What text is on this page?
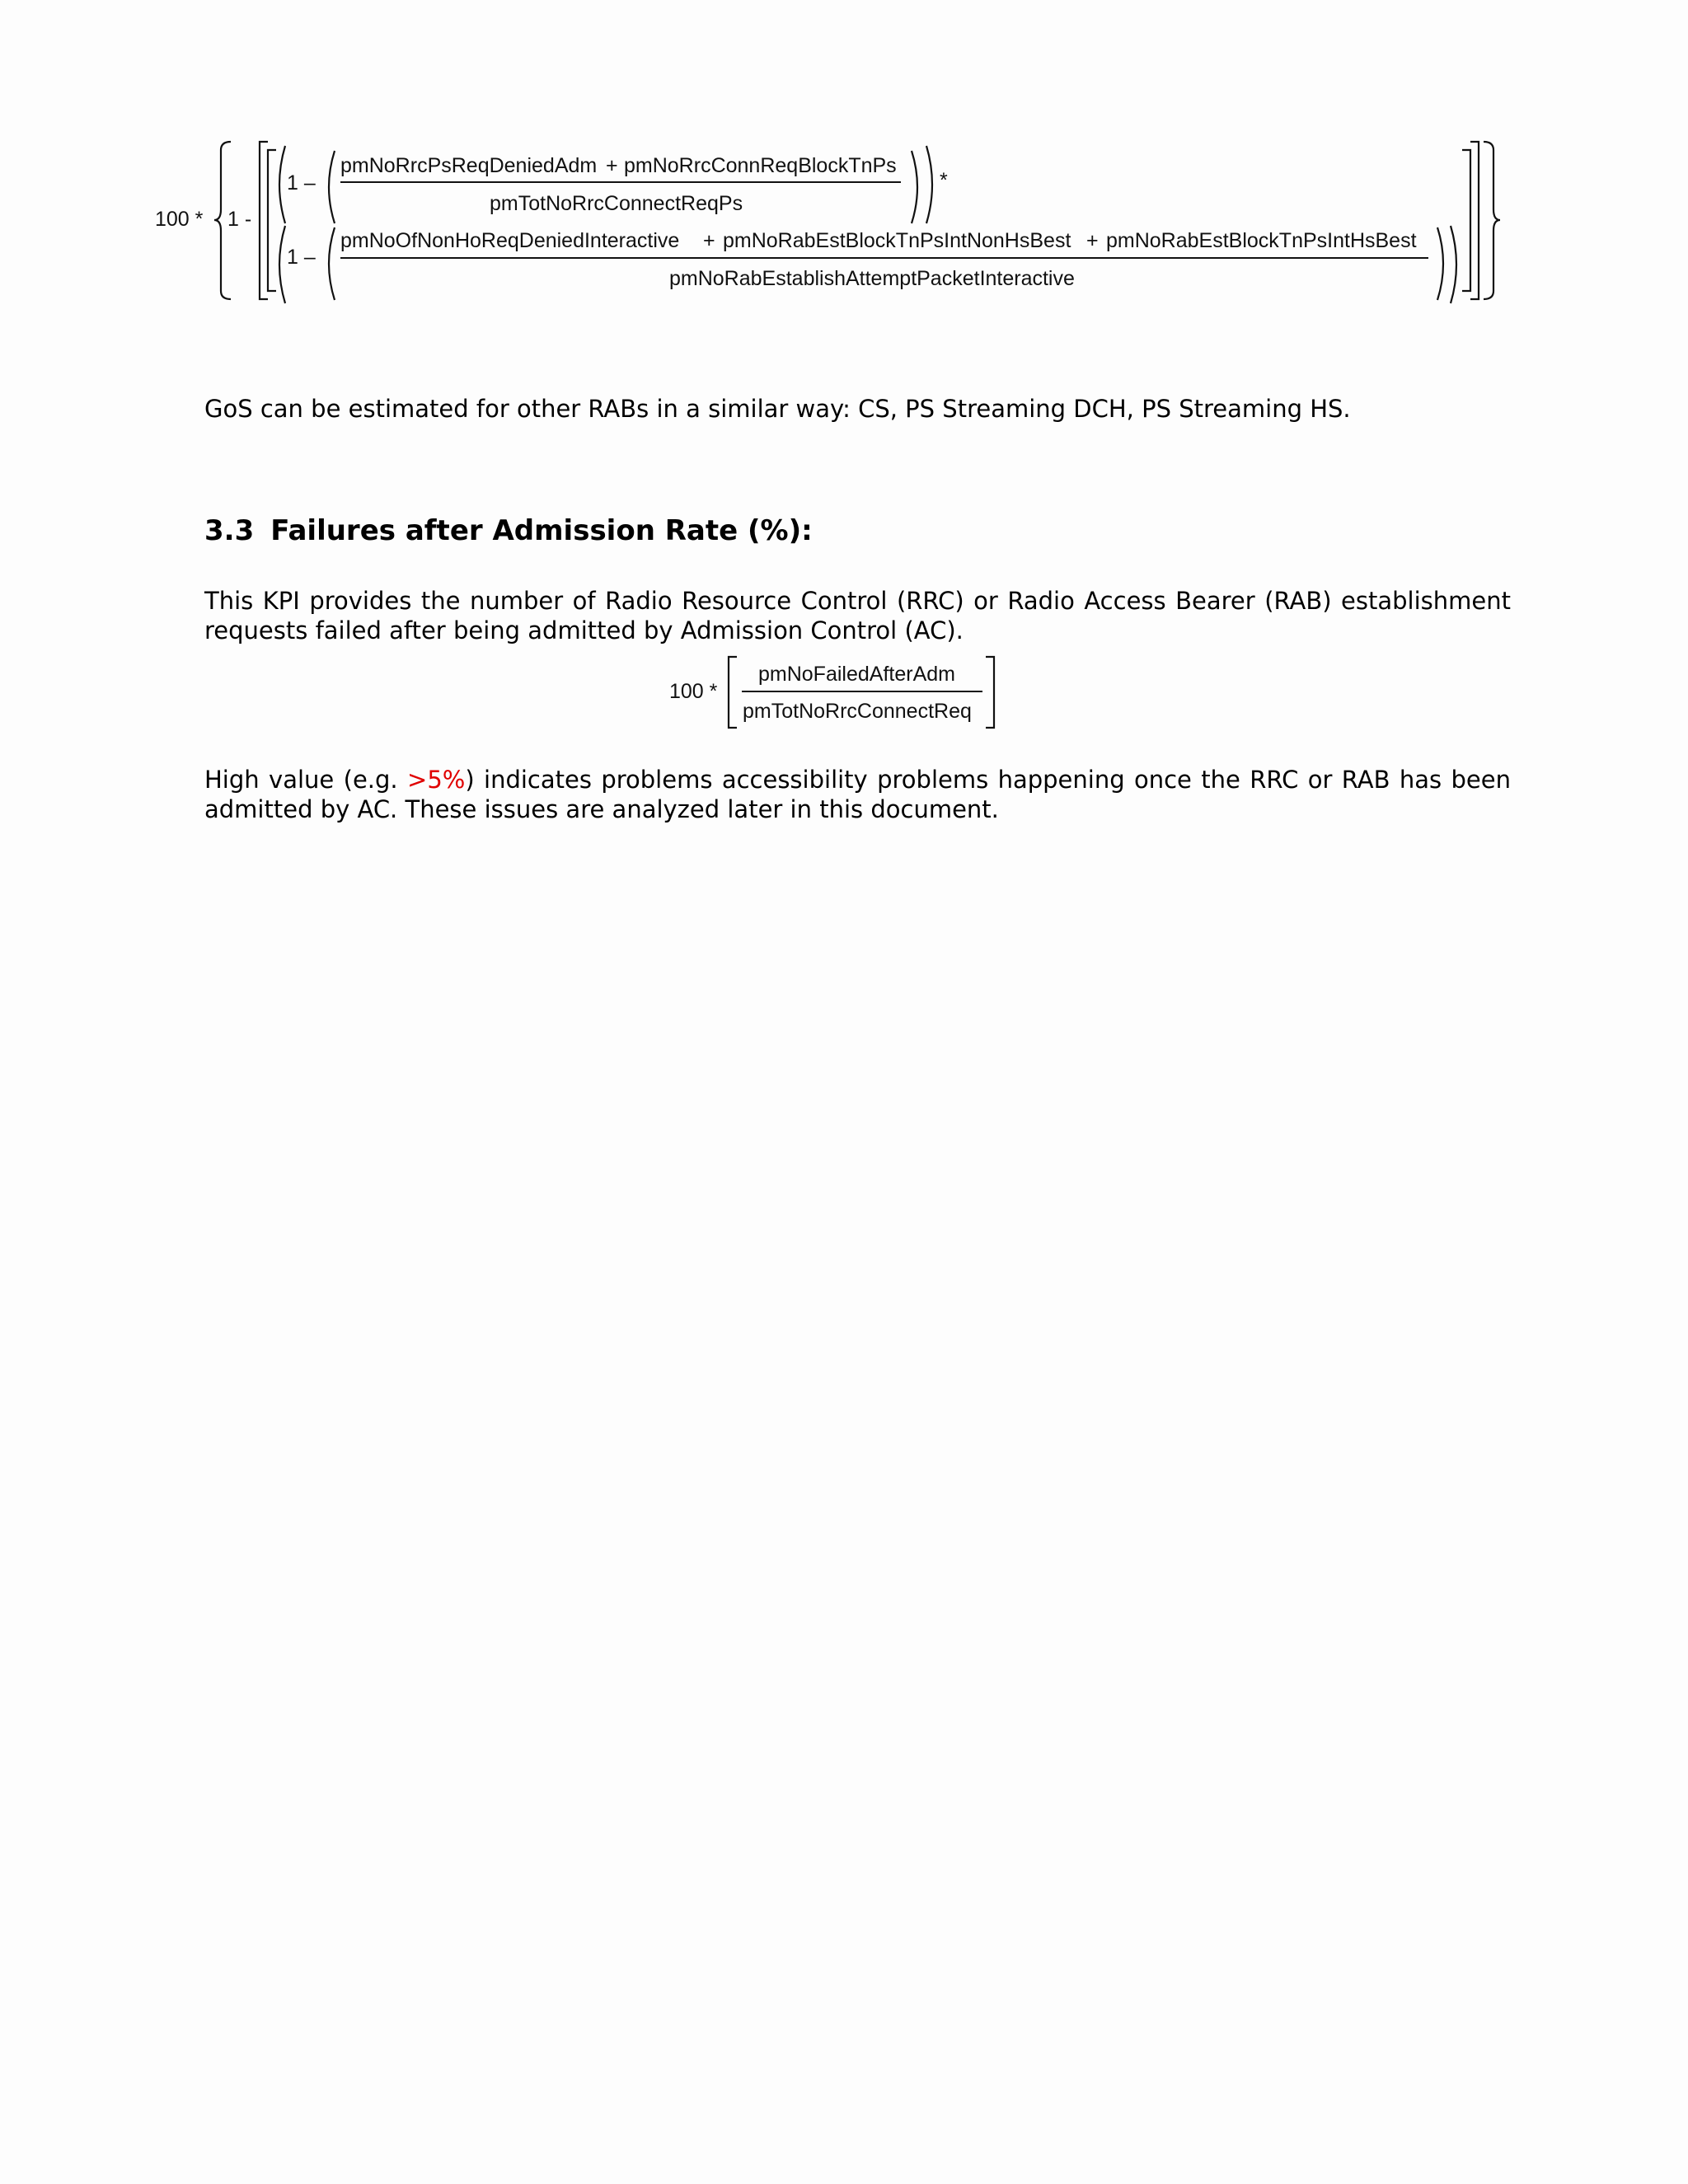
100 * 1 -
1 –
pmNoRrcPsReqDeniedAdm + pmNoRrcConnReqBlockTnPs
pmTotNoRrcConnectReqPs
*
1 –
pmNoOfNonHoReqDeniedInteractive + pmNoRabEstBlockTnPsIntNonHsBest + pmNoRabEstBlockTnPsIntHsBest
pmNoRabEstablishAttemptPacketInteractive
GoS can be estimated for other RABs in a similar way: CS, PS Streaming DCH, PS Streaming HS.
3.3 Failures after Admission Rate (%):
This KPI provides the number of Radio Resource Control (RRC) or Radio Access Bearer (RAB) establishment requests failed after being admitted by Admission Control (AC).
100 *
pmNoFailedAfterAdm
pmTotNoRrcConnectReq
High value (e.g. >5%) indicates problems accessibility problems happening once the RRC or RAB has been admitted by AC. These issues are analyzed later in this document.
